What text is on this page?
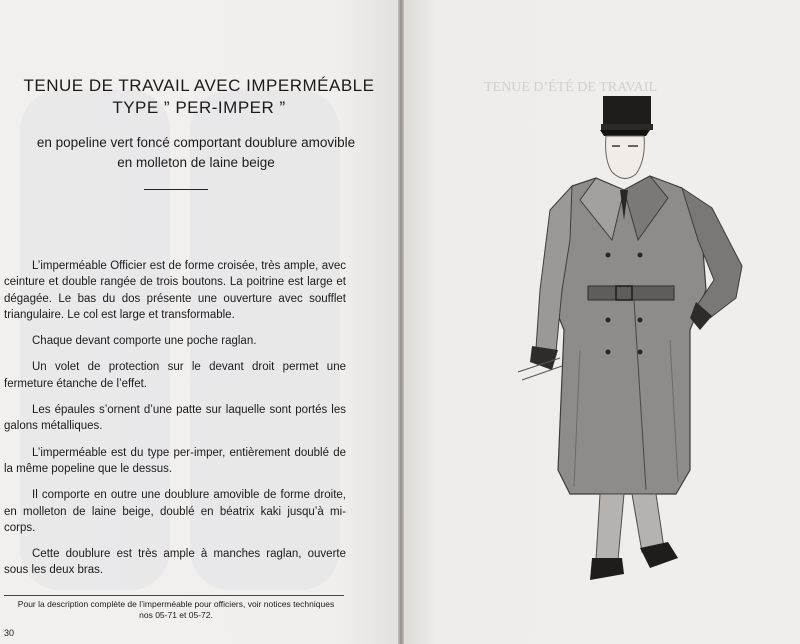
TENUE DE TRAVAIL AVEC IMPERMÉABLE
TYPE ” PER-IMPER ”
en popeline vert foncé comportant doublure amovible
en molleton de laine beige

L’imperméable Officier est de forme croisée, très ample, avec ceinture et double rangée de trois boutons. La poitrine est large et dégagée. Le bas du dos présente une ouverture avec soufflet triangulaire. Le col est large et transformable.

Chaque devant comporte une poche raglan.

Un volet de protection sur le devant droit permet une fermeture étanche de l’effet.

Les épaules s’ornent d’une patte sur laquelle sont portés les galons métalliques.

L’imperméable est du type per-imper, entièrement doublé de la même popeline que le dessus.

Il comporte en outre une doublure amovible de forme droite, en molleton de laine beige, doublé en béatrix kaki jusqu’à mi-corps.

Cette doublure est très ample à manches raglan, ouverte sous les deux bras.

Pour la description complète de l’imperméable pour officiers, voir notices techniques
nos 05-71 et 05-72.
30
TENUE D’ÉTÉ DE TRAVAIL
